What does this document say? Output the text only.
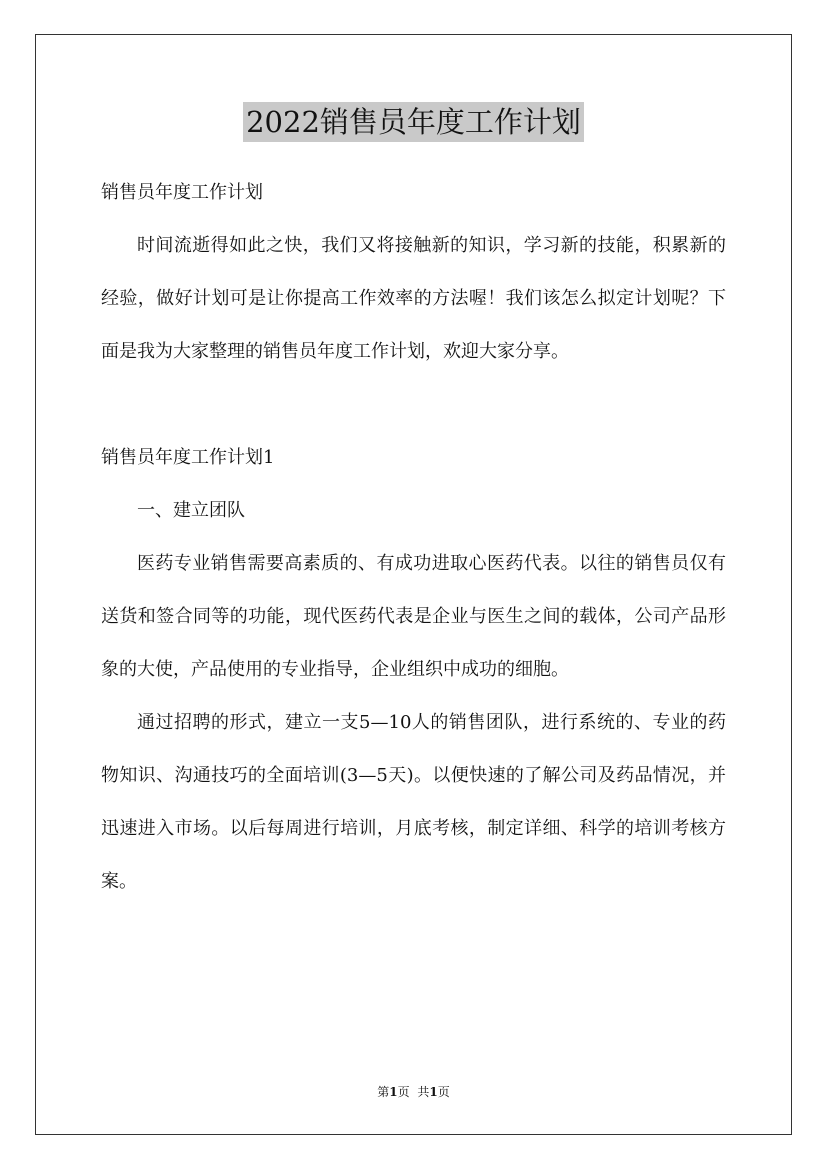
2022销售员年度工作计划

销售员年度工作计划

时间流逝得如此之快，我们又将接触新的知识，学习新的技能，积累新的经验，做好计划可是让你提高工作效率的方法喔！我们该怎么拟定计划呢？下面是我为大家整理的销售员年度工作计划，欢迎大家分享。

销售员年度工作计划1

一、建立团队

医药专业销售需要高素质的、有成功进取心医药代表。以往的销售员仅有送货和签合同等的功能，现代医药代表是企业与医生之间的载体，公司产品形象的大使，产品使用的专业指导，企业组织中成功的细胞。

通过招聘的形式，建立一支5—10人的销售团队，进行系统的、专业的药物知识、沟通技巧的全面培训(3—5天)。以便快速的了解公司及药品情况，并迅速进入市场。以后每周进行培训，月底考核，制定详细、科学的培训考核方案。

第1页 共1页
